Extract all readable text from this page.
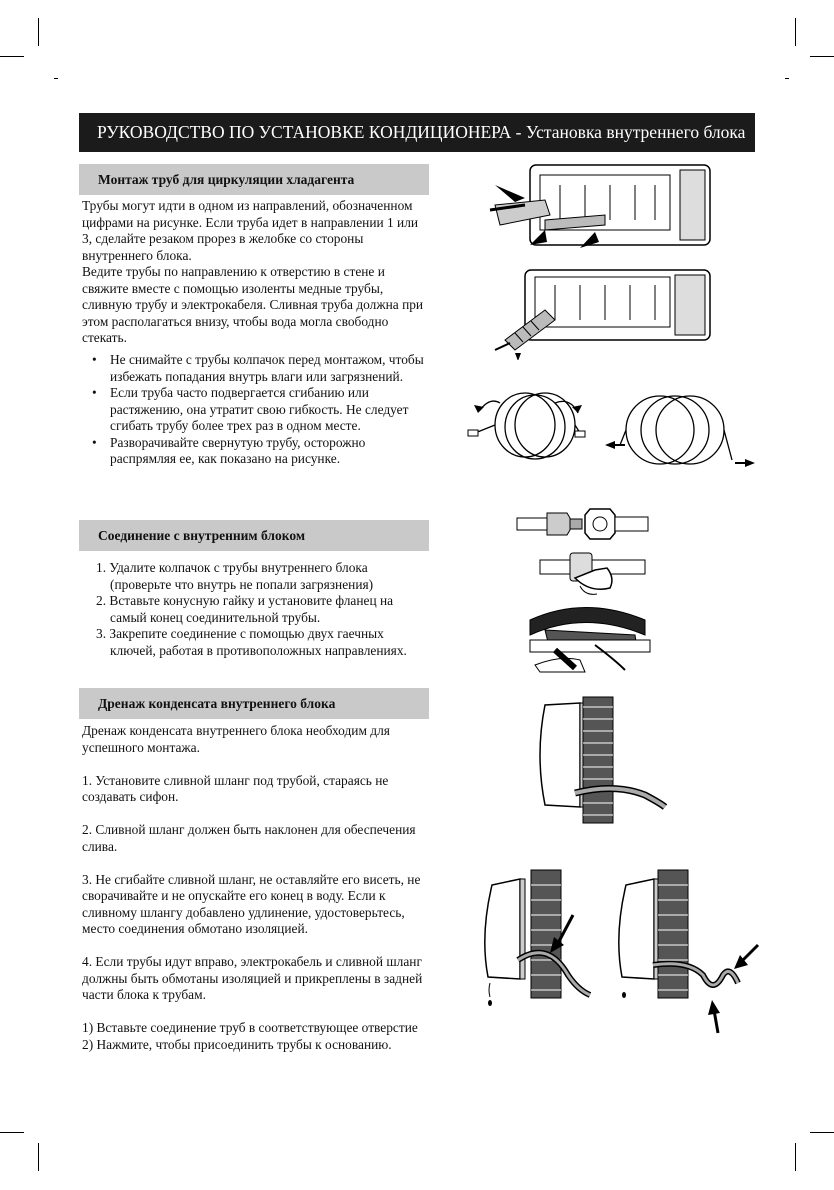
РУКОВОДСТВО ПО УСТАНОВКЕ КОНДИЦИОНЕРА - Установка внутреннего блока
Монтаж труб для циркуляции хладагента

Трубы могут идти в одном из направлений, обозначенном цифрами на рисунке. Если труба идет в направлении 1 или 3, сделайте резаком прорез в желобке со стороны внутреннего блока.

Ведите трубы по направлению к отверстию в стене и свяжите вместе с помощью изоленты медные трубы, сливную трубу и электрокабеля. Сливная труба должна при этом располагаться внизу, чтобы вода могла свободно стекать.

• Не снимайте с трубы колпачок перед монтажом, чтобы избежать попадания внутрь влаги или загрязнений.
• Если труба часто подвергается сгибанию или растяжению, она утратит свою гибкость. Не следует сгибать трубу более трех раз в одном месте.
• Разворачивайте свернутую трубу, осторожно распрямляя ее, как показано на рисунке.
Соединение с внутренним блоком
1. Удалите колпачок с трубы внутреннего блока (проверьте что внутрь не попали загрязнения)
2. Вставьте конусную гайку и установите фланец на самый конец соединительной трубы.
3. Закрепите соединение с помощью двух гаечных ключей, работая в противоположных направлениях.
Дренаж конденсата внутреннего блока

Дренаж конденсата внутреннего блока необходим для успешного монтажа.

1. Установите сливной шланг под трубой, стараясь не создавать сифон.

2. Сливной шланг должен быть наклонен для обеспечения слива.

3. Не сгибайте сливной шланг, не оставляйте его висеть, не сворачивайте и не опускайте его конец в воду. Если к сливному шлангу добавлено удлинение, удостоверьтесь, место соединения обмотано изоляцией.

4. Если трубы идут вправо, электрокабель и сливной шланг должны быть обмотаны изоляцией и прикреплены в задней части блока к трубам.

1) Вставьте соединение труб в соответствующее отверстие

2) Нажмите, чтобы присоединить трубы к основанию.
